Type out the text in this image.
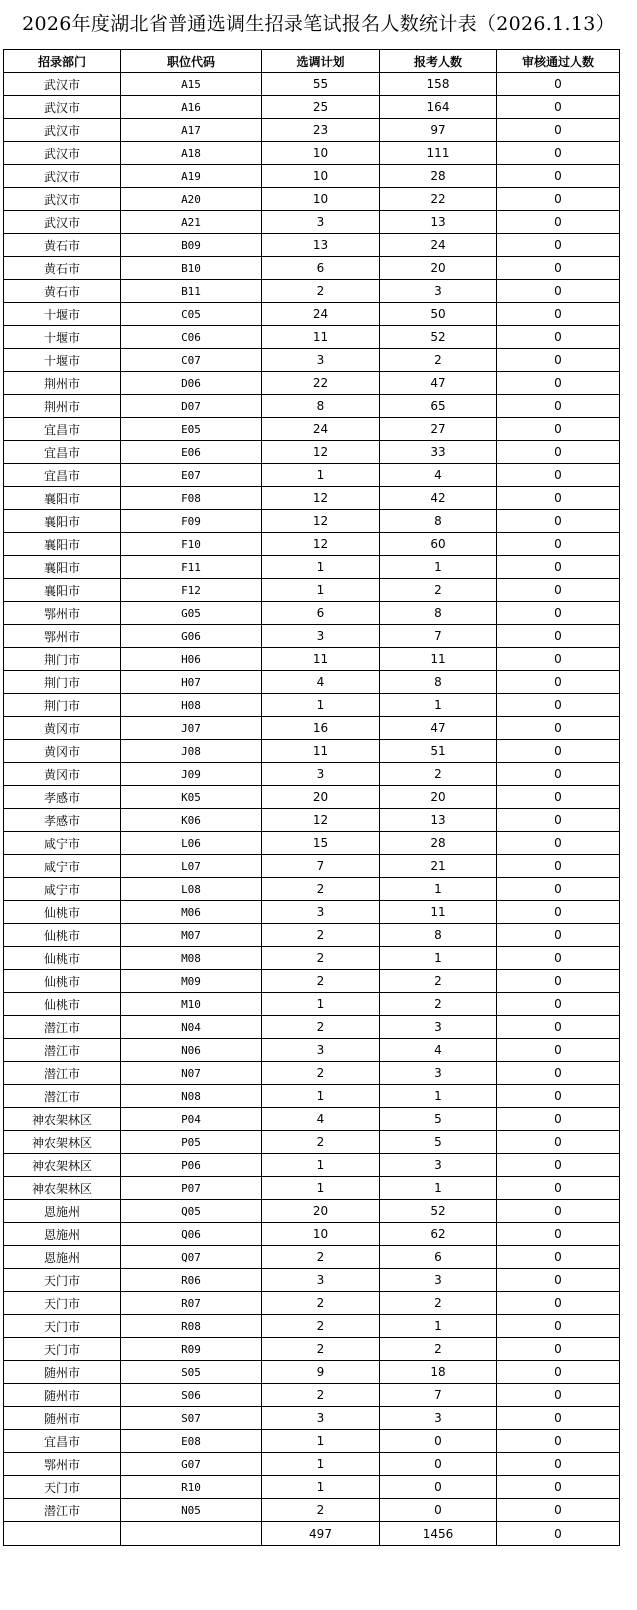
2026年度湖北省普通选调生招录笔试报名人数统计表（2026.1.13）
招录部门	职位代码	选调计划	报考人数	审核通过人数
武汉市	A15	55	158	0
武汉市	A16	25	164	0
武汉市	A17	23	97	0
武汉市	A18	10	111	0
武汉市	A19	10	28	0
武汉市	A20	10	22	0
武汉市	A21	3	13	0
黄石市	B09	13	24	0
黄石市	B10	6	20	0
黄石市	B11	2	3	0
十堰市	C05	24	50	0
十堰市	C06	11	52	0
十堰市	C07	3	2	0
荆州市	D06	22	47	0
荆州市	D07	8	65	0
宜昌市	E05	24	27	0
宜昌市	E06	12	33	0
宜昌市	E07	1	4	0
襄阳市	F08	12	42	0
襄阳市	F09	12	8	0
襄阳市	F10	12	60	0
襄阳市	F11	1	1	0
襄阳市	F12	1	2	0
鄂州市	G05	6	8	0
鄂州市	G06	3	7	0
荆门市	H06	11	11	0
荆门市	H07	4	8	0
荆门市	H08	1	1	0
黄冈市	J07	16	47	0
黄冈市	J08	11	51	0
黄冈市	J09	3	2	0
孝感市	K05	20	20	0
孝感市	K06	12	13	0
咸宁市	L06	15	28	0
咸宁市	L07	7	21	0
咸宁市	L08	2	1	0
仙桃市	M06	3	11	0
仙桃市	M07	2	8	0
仙桃市	M08	2	1	0
仙桃市	M09	2	2	0
仙桃市	M10	1	2	0
潜江市	N04	2	3	0
潜江市	N06	3	4	0
潜江市	N07	2	3	0
潜江市	N08	1	1	0
神农架林区	P04	4	5	0
神农架林区	P05	2	5	0
神农架林区	P06	1	3	0
神农架林区	P07	1	1	0
恩施州	Q05	20	52	0
恩施州	Q06	10	62	0
恩施州	Q07	2	6	0
天门市	R06	3	3	0
天门市	R07	2	2	0
天门市	R08	2	1	0
天门市	R09	2	2	0
随州市	S05	9	18	0
随州市	S06	2	7	0
随州市	S07	3	3	0
宜昌市	E08	1	0	0
鄂州市	G07	1	0	0
天门市	R10	1	0	0
潜江市	N05	2	0	0
		497	1456	0
